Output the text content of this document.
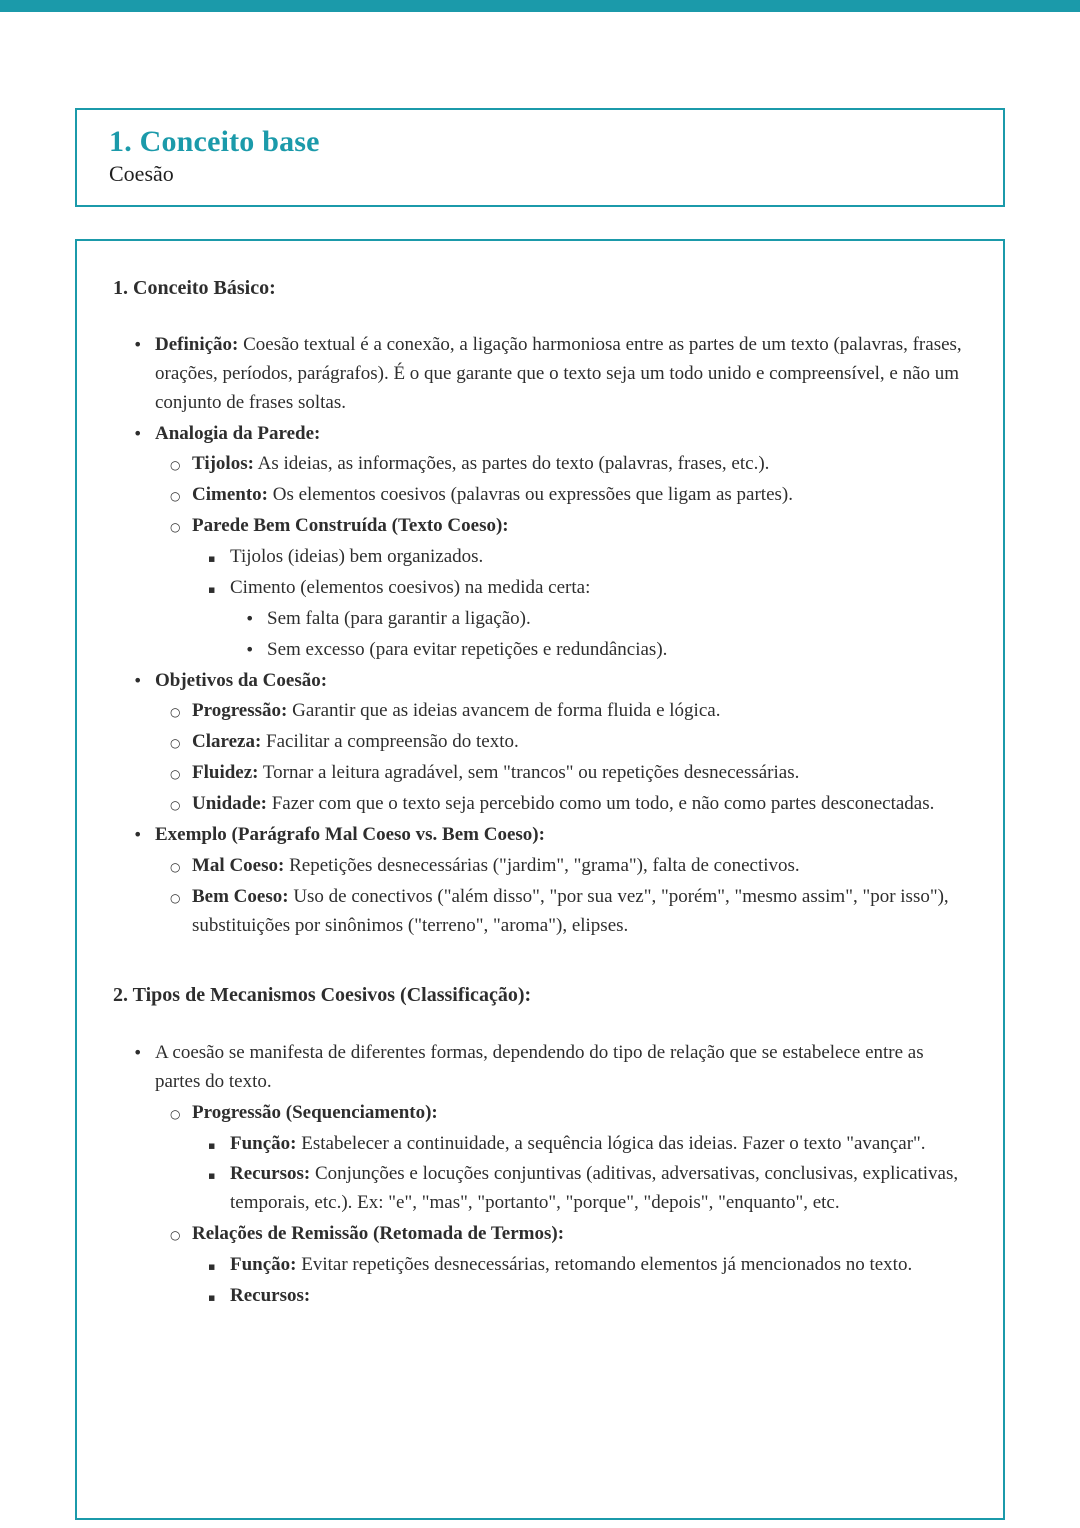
1. Conceito base
Coesão

1. Conceito Básico:

• Definição: Coesão textual é a conexão, a ligação harmoniosa entre as partes de um texto (palavras, frases, orações, períodos, parágrafos). É o que garante que o texto seja um todo unido e compreensível, e não um conjunto de frases soltas.
• Analogia da Parede:
○ Tijolos: As ideias, as informações, as partes do texto (palavras, frases, etc.).
○ Cimento: Os elementos coesivos (palavras ou expressões que ligam as partes).
○ Parede Bem Construída (Texto Coeso):
▪ Tijolos (ideias) bem organizados.
▪ Cimento (elementos coesivos) na medida certa:
• Sem falta (para garantir a ligação).
• Sem excesso (para evitar repetições e redundâncias).
• Objetivos da Coesão:
○ Progressão: Garantir que as ideias avancem de forma fluida e lógica.
○ Clareza: Facilitar a compreensão do texto.
○ Fluidez: Tornar a leitura agradável, sem "trancos" ou repetições desnecessárias.
○ Unidade: Fazer com que o texto seja percebido como um todo, e não como partes desconectadas.
• Exemplo (Parágrafo Mal Coeso vs. Bem Coeso):
○ Mal Coeso: Repetições desnecessárias ("jardim", "grama"), falta de conectivos.
○ Bem Coeso: Uso de conectivos ("além disso", "por sua vez", "porém", "mesmo assim", "por isso"), substituições por sinônimos ("terreno", "aroma"), elipses.

2. Tipos de Mecanismos Coesivos (Classificação):

• A coesão se manifesta de diferentes formas, dependendo do tipo de relação que se estabelece entre as partes do texto.
○ Progressão (Sequenciamento):
▪ Função: Estabelecer a continuidade, a sequência lógica das ideias. Fazer o texto "avançar".
▪ Recursos: Conjunções e locuções conjuntivas (aditivas, adversativas, conclusivas, explicativas, temporais, etc.). Ex: "e", "mas", "portanto", "porque", "depois", "enquanto", etc.
○ Relações de Remissão (Retomada de Termos):
▪ Função: Evitar repetições desnecessárias, retomando elementos já mencionados no texto.
▪ Recursos:
